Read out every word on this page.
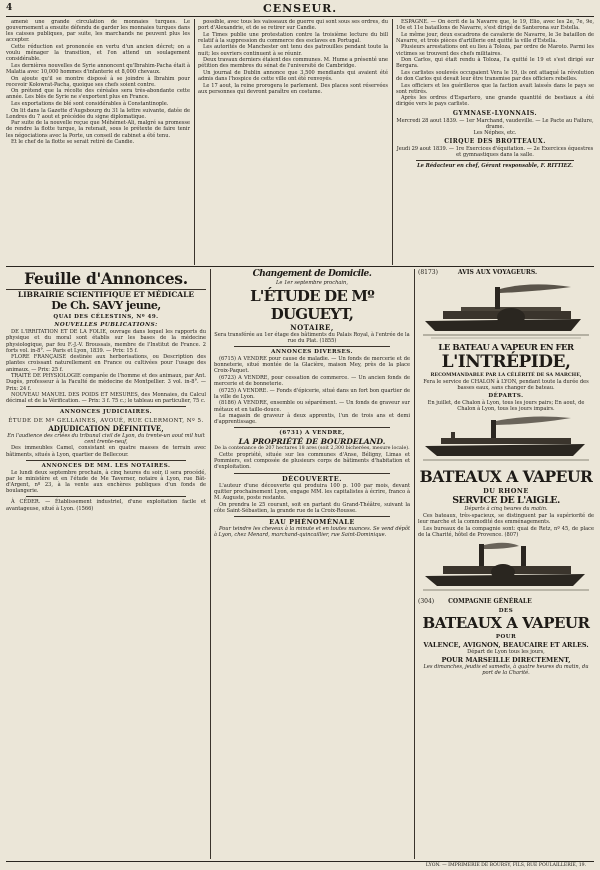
4	CENSEUR.

amené une grande circulation de monnaies turques. Le gouvernement a ensuite défendu de garder les monnaies turques dans les caisses publiques, par suite, les marchands ne peuvent plus les accepter.

Cette réduction est prononcée en vertu d'un ancien décret; on a voulu ménager la transition, et l'on attend un soulagement considérable.

Les dernières nouvelles de Syrie annoncent qu'Ibrahim-Pacha était à Malatia avec 10,000 hommes d'infanterie et 8,000 chevaux.

On ajoute qu'il se montre disposé à se joindre à Ibrahim pour recevoir Kolowrat-Pacha, quoique ses chefs soient contre.

On prétend que la récolte des céréales sera très-abondante cette année. Les blés de Syrie ne s'exportent plus en France.

Les exportations de blé sont considérables à Constantinople.

On lit dans la Gazette d'Augsbourg du 31 la lettre suivante, datée de Londres du 7 aout et précédée du signe diplomatique.

Par suite de la nouvelle reçue que Méhémet-Ali, malgré sa promesse de rendre la flotte turque, la retenait, sous le prétexte de faire tenir les négociations avec la Porte, un conseil de cabinet a été tenu.

Et le chef de la flotte se serait retiré de Candie.

possible, avec tous les vaisseaux de guerre qui sont sous ses ordres, du port d'Alexandrie, et de se retirer sur Candie.

Le Times publie une protestation contre la troisième lecture du bill relatif à la suppression du commerce des esclaves en Portugal.

Les autorités de Manchester ont tenu des patrouilles pendant toute la nuit; les ouvriers continuent à se réunir.

Deux travaux derniers étaient des communes. M. Hume a présenté une pétition des membres du sénat de l'université de Cambridge.

Un journal de Dublin annonce que 3,500 mendiants qui avaient été admis dans l'hospice de cette ville ont été renvoyés.

Le 17 aout, la reine prorogera le parlement. Des places sont réservées aux personnes qui devront paraître en costume.

ESPAGNE. — On écrit de la Navarre que, le 19, Elio, avec les 2e, 7e, 9e, 10e et 11e bataillons de Navarre, s'est dirigé de Santerona sur Estella.

Le même jour, deux escadrons de cavalerie de Navarre, le 3e bataillon de Navarre, et trois pièces d'artillerie ont quitté la ville d'Estella.

Plusieurs arrestations ont eu lieu à Toloza, par ordre de Maroto. Parmi les victimes se trouvent des chefs militaires.

Don Carlos, qui était rendu à Toloza, l'a quitté le 19 et s'est dirigé sur Bergara.

Les carlistes soulevés occupaient Vera le 19, ils ont attaqué la révolution de don Carlos qui devait leur être transmise par des officiers rebelles.

Les officiers et les guérilleros que la faction avait laissés dans le pays se sont retirés.

Après les ordres d'Espartero, une grande quantité de bestiaux a été dirigée vers le pays carliste.

GYMNASE-LYONNAIS.

Mercredi 28 aout 1839. — 1er Marchand, vaudeville. — Le Pacte au Failure, drame.

Les Néphes, etc.

CIRQUE DES BROTTEAUX.

Jeudi 29 aout 1839. — 1re Exercices d'équitation. — 2e Exercices équestres et gymnastiques dans la salle.

Le Rédacteur en chef, Gérant responsable, F. RITTIEZ.

Feuille d'Annonces.
LIBRAIRIE SCIENTIFIQUE ET MÉDICALE
De Ch. SAVY jeune,
QUAI DES CÉLESTINS, Nº 49.
NOUVELLES PUBLICATIONS:

DE L'IRRITATION ET DE LA FOLIE, ouvrage dans lequel les rapports du physique et du moral sont établis sur les bases de la médecine physiologique, par feu F.-J.-V. Broussais, membre de l'Institut de France. 2 forts vol. in-8°. — Paris et Lyon, 1839. — Prix: 15 f.

FLORE FRANÇAISE destinée aux herborisations, ou Description des plantes croissant naturellement en France ou cultivées pour l'usage des animaux. — Prix: 25 f.

TRAITÉ DE PHYSIOLOGIE comparée de l'homme et des animaux, par Ant. Dugès, professeur à la Faculté de médecine de Montpellier. 3 vol. in-8°. — Prix: 24 f.

NOUVEAU MANUEL DES POIDS ET MESURES, des Monnaies, du Calcul décimal et de la Vérification. — Prix: 3 f. 75 c.; le tableau en particulier, 75 c.

ANNONCES JUDICIAIRES.
ÉTUDE DE Mº GELLAINES, AVOUÉ, RUE CLERMONT, Nº 5.
ADJUDICATION DÉFINITIVE,

En l'audience des criées du tribunal civil de Lyon, du trente-un aout mil huit cent trente-neuf,

Des immeubles Camel, consistant en quatre masses de terrain avec bâtiments, situés à Lyon, quartier de Bellecour.

ANNONCES DE MM. LES NOTAIRES.

Le lundi deux septembre prochain, à cinq heures du soir, il sera procédé, par le ministère et en l'étude de Me Taverner, notaire à Lyon, rue Bât-d'Argent, nº 23, à la vente aux enchères publiques d'un fonds de boulangerie.

À CÉDER. — Établissement industriel, d'une exploitation facile et avantageuse, situé à Lyon. (1566)

Changement de Domicile.

Le 1er septembre prochain,

L'ÉTUDE DE Mº DUGUEYT,
NOTAIRE,

Sera transférée au 1er étage des bâtiments du Palais Royal, à l'entrée de la rue du Plat. (1855)

ANNONCES DIVERSES.

(6715) A VENDRE pour cause de maladie. — Un fonds de mercerie et de bonneterie, situé montée de la Glacière, maison Mey, près de la place Croix-Paquet.

(6723) A VENDRE, pour cessation de commerce. — Un ancien fonds de mercerie et de bonneterie.

(6725) A VENDRE. — Fonds d'épicerie, situé dans un fort bon quartier de la ville de Lyon.

(8186) A VENDRE, ensemble ou séparément. — Un fonds de graveur sur métaux et en taille-douce.

Le magasin de graveur à deux apprentis, l'un de trois ans et demi d'apprentissage.

(6731) A VENDRE,
LA PROPRIÉTÉ DE BOURDELAND.

De la contenance de 207 hectares 18 ares (soit 2,300 bicherées, mesure locale).

Cette propriété, située sur les communes d'Anse, Béligny, Limas et Pommiers, est composée de plusieurs corps de bâtiments d'habitation et d'exploitation.

DÉCOUVERTE.

L'auteur d'une découverte qui produira 100 p. 100 par mois, devant quitter prochainement Lyon, engage MM. les capitalistes à écrire, franco à M. Auguste, poste restante.

On prendra le 25 courant, soit en partant du Grand-Théâtre, suivant la côte Saint-Sébastien, la grande rue de la Croix-Rousse.

EAU PHÉNOMÉNALE

Pour teindre les cheveux à la minute et en toutes nuances. Se vend dépôt à Lyon, chez Menard, marchand-quincaillier, rue Saint-Dominique.

(8173)	AVIS AUX VOYAGEURS.
LE BATEAU A VAPEUR EN FER
L'INTRÉPIDE,

RECOMMANDABLE PAR LA CÉLÉRITÉ DE SA MARCHE,

Fera le service de CHALON à LYON, pendant toute la durée des basses eaux, sans changer de bateau.

DÉPARTS.

En juillet, de Chalon à Lyon, tous les jours pairs; En aout, de Chalon à Lyon, tous les jours impairs.

BATEAUX A VAPEUR
DU RHONE
SERVICE DE L'AIGLE.

Départs à cinq heures du matin.

Ces bateaux, très-spacieux, se distinguent par la supériorité de leur marche et la commodité des emménagements.

Les bureaux de la compagnie sont: quai de Retz, nº 45, de place de la Charité, hôtel de Provence. (807)

(304) COMPAGNIE GÉNÉRALE
DES
BATEAUX A VAPEUR
POUR
VALENCE, AVIGNON, BEAUCAIRE ET ARLES.

Départ de Lyon tous les jours,

POUR MARSEILLE DIRECTEMENT,

Les dimanches, jeudis et samedis, à quatre heures du matin, du port de la Charité.

LYON. — IMPRIMERIE DE BOURSY, FILS, RUE POULAILLERIE, 19.
